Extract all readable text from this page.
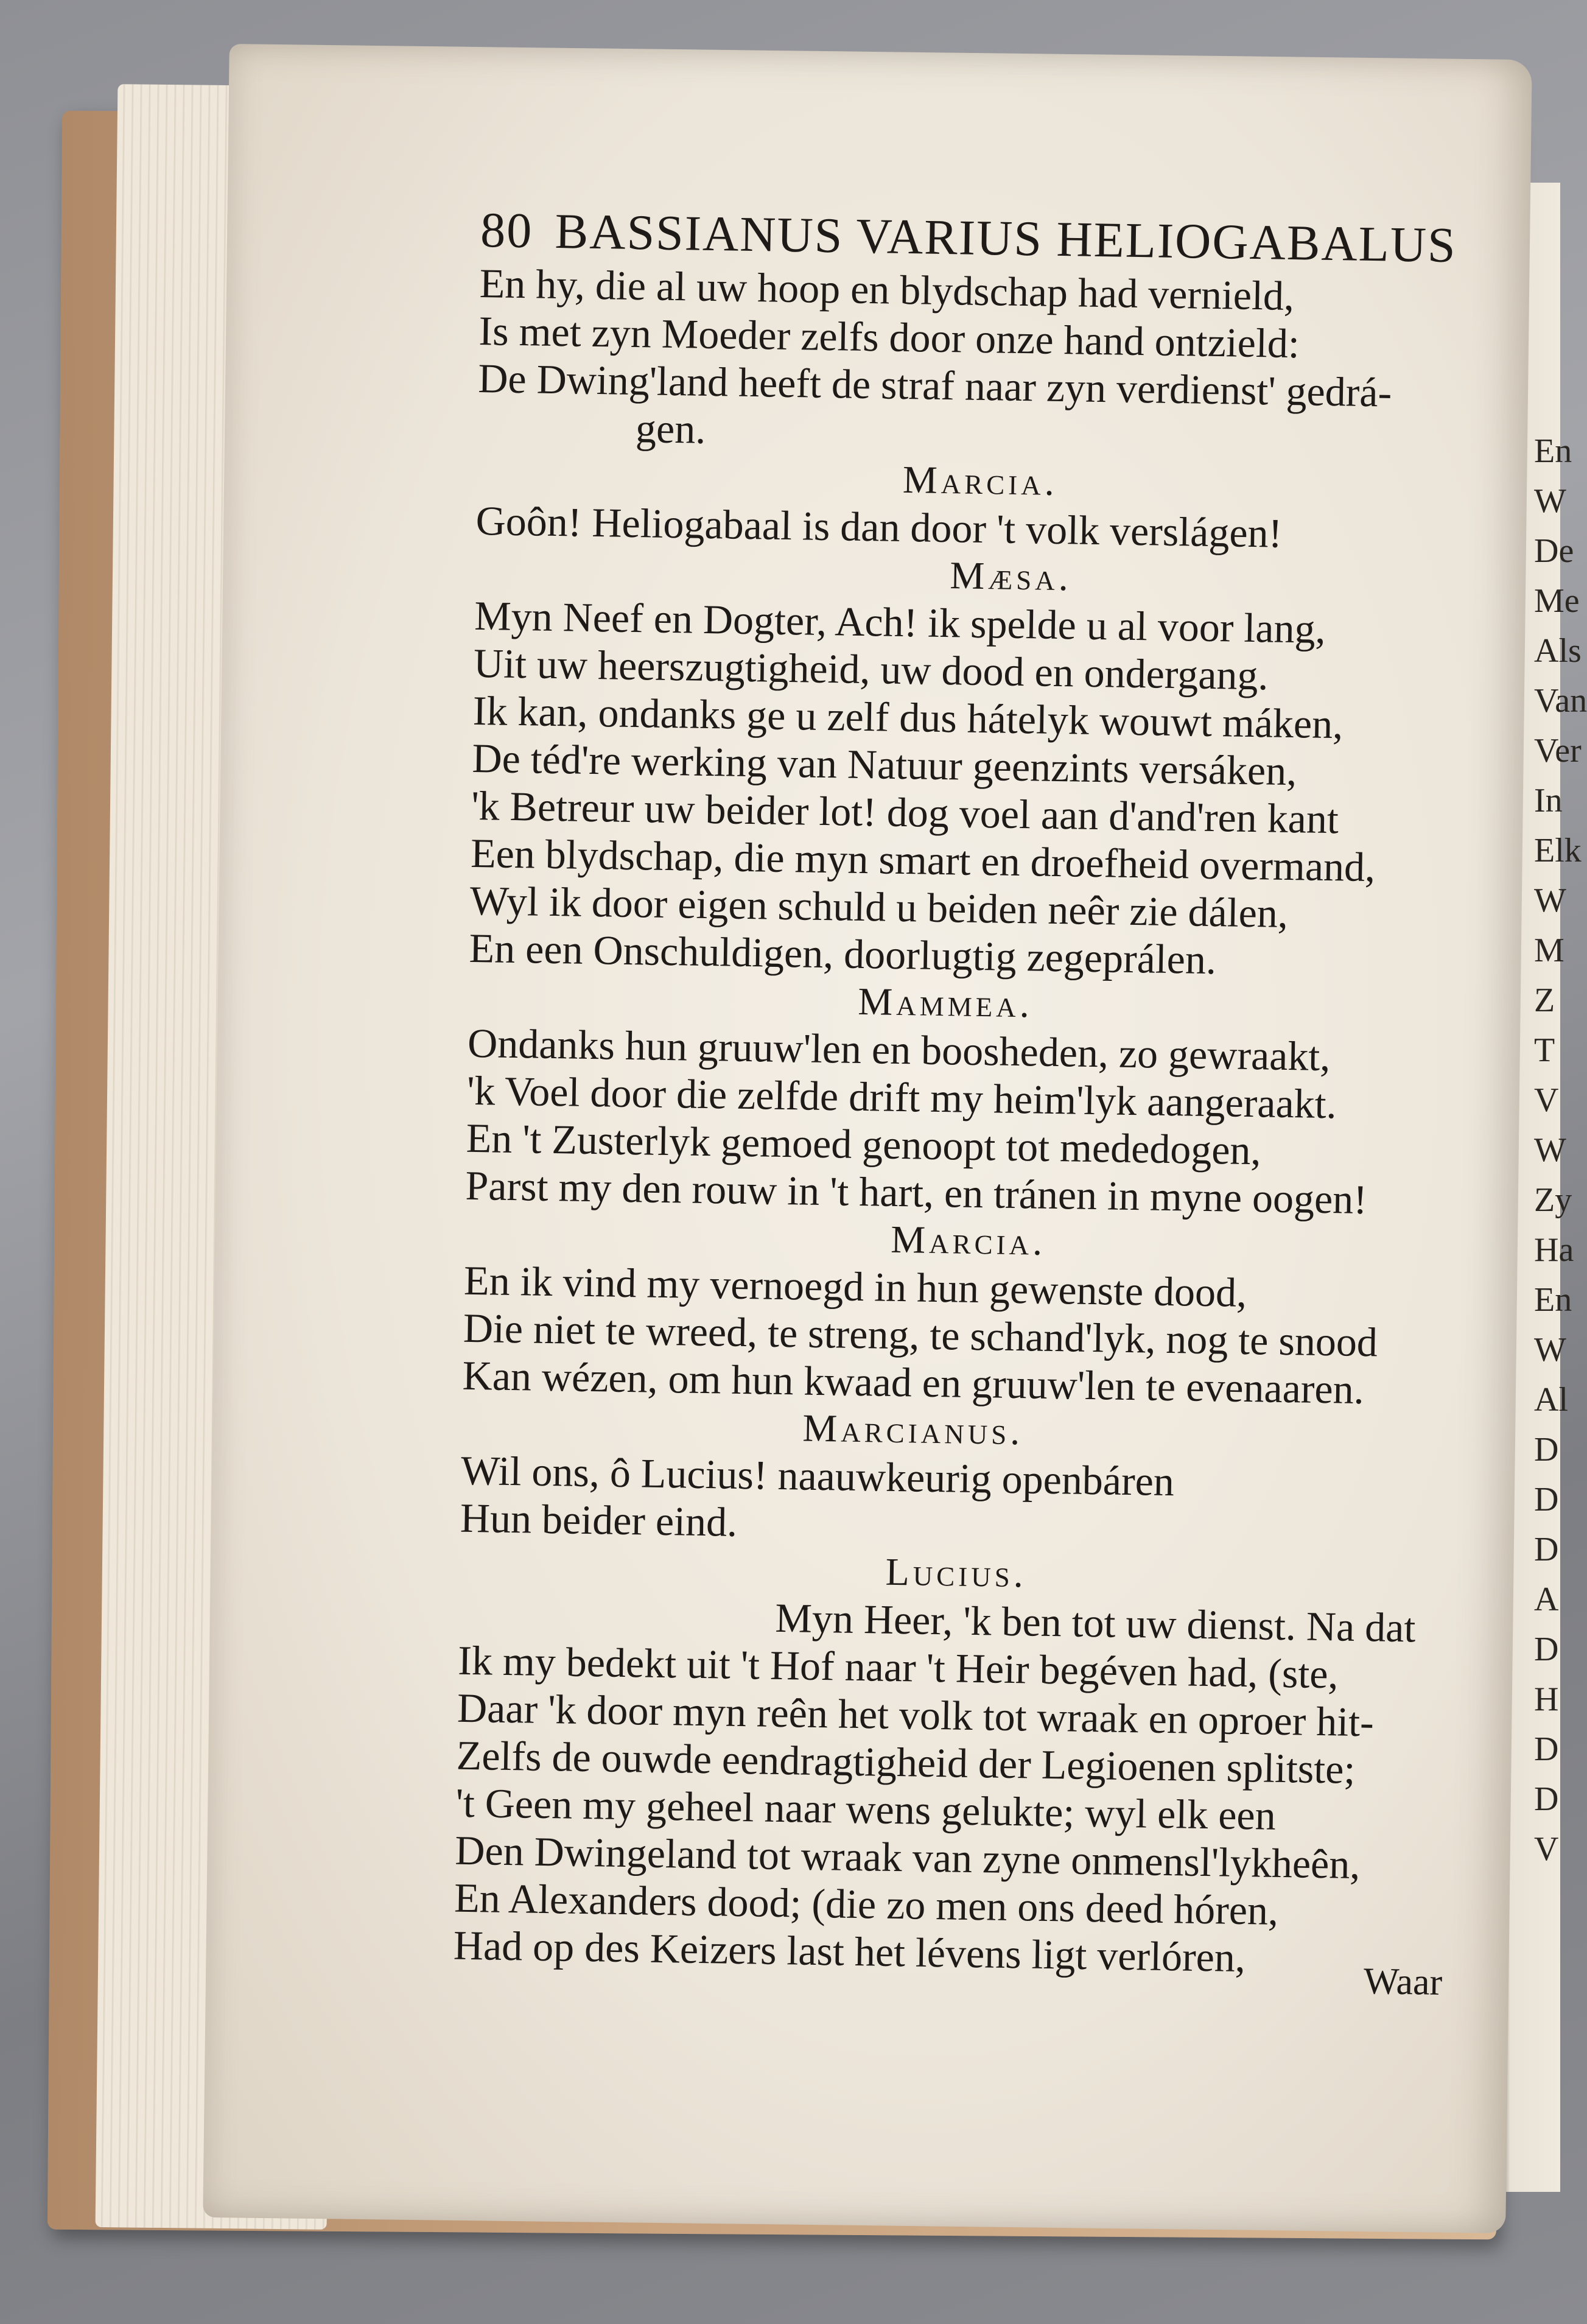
En
W
De
Me
Als
Van
Ver
In
Elk
W
M
Z
T
V
W
Zy
Ha
En
W
Al
D
D
D
A
D
H
D
D
V
80 BASSIANUS VARIUS HELIOGABALUS
En hy, die al uw hoop en blydschap had vernield,
Is met zyn Moeder zelfs door onze hand ontzield:
De Dwing'land heeft de straf naar zyn verdienst' gedrá-
gen.
Marcia.
Goôn! Heliogabaal is dan door 't volk verslágen!
Mæsa.
Myn Neef en Dogter, Ach! ik spelde u al voor lang,
Uit uw heerszugtigheid, uw dood en ondergang.
Ik kan, ondanks ge u zelf dus hátelyk wouwt máken,
De téd're werking van Natuur geenzints versáken,
'k Betreur uw beider lot! dog voel aan d'and'ren kant
Een blydschap, die myn smart en droefheid overmand,
Wyl ik door eigen schuld u beiden neêr zie dálen,
En een Onschuldigen, doorlugtig zegeprálen.
Mammea.
Ondanks hun gruuw'len en boosheden, zo gewraakt,
'k Voel door die zelfde drift my heim'lyk aangeraakt.
En 't Zusterlyk gemoed genoopt tot mededogen,
Parst my den rouw in 't hart, en tránen in myne oogen!
Marcia.
En ik vind my vernoegd in hun gewenste dood,
Die niet te wreed, te streng, te schand'lyk, nog te snood
Kan wézen, om hun kwaad en gruuw'len te evenaaren.
Marcianus.
Wil ons, ô Lucius! naauwkeurig openbáren
Hun beider eind.
Lucius.
Myn Heer, 'k ben tot uw dienst. Na dat
Ik my bedekt uit 't Hof naar 't Heir begéven had, (ste,
Daar 'k door myn reên het volk tot wraak en oproer hit-
Zelfs de ouwde eendragtigheid der Legioenen splitste;
't Geen my geheel naar wens gelukte; wyl elk een
Den Dwingeland tot wraak van zyne onmensl'lykheên,
En Alexanders dood; (die zo men ons deed hóren,
Had op des Keizers last het lévens ligt verlóren,
Waar
